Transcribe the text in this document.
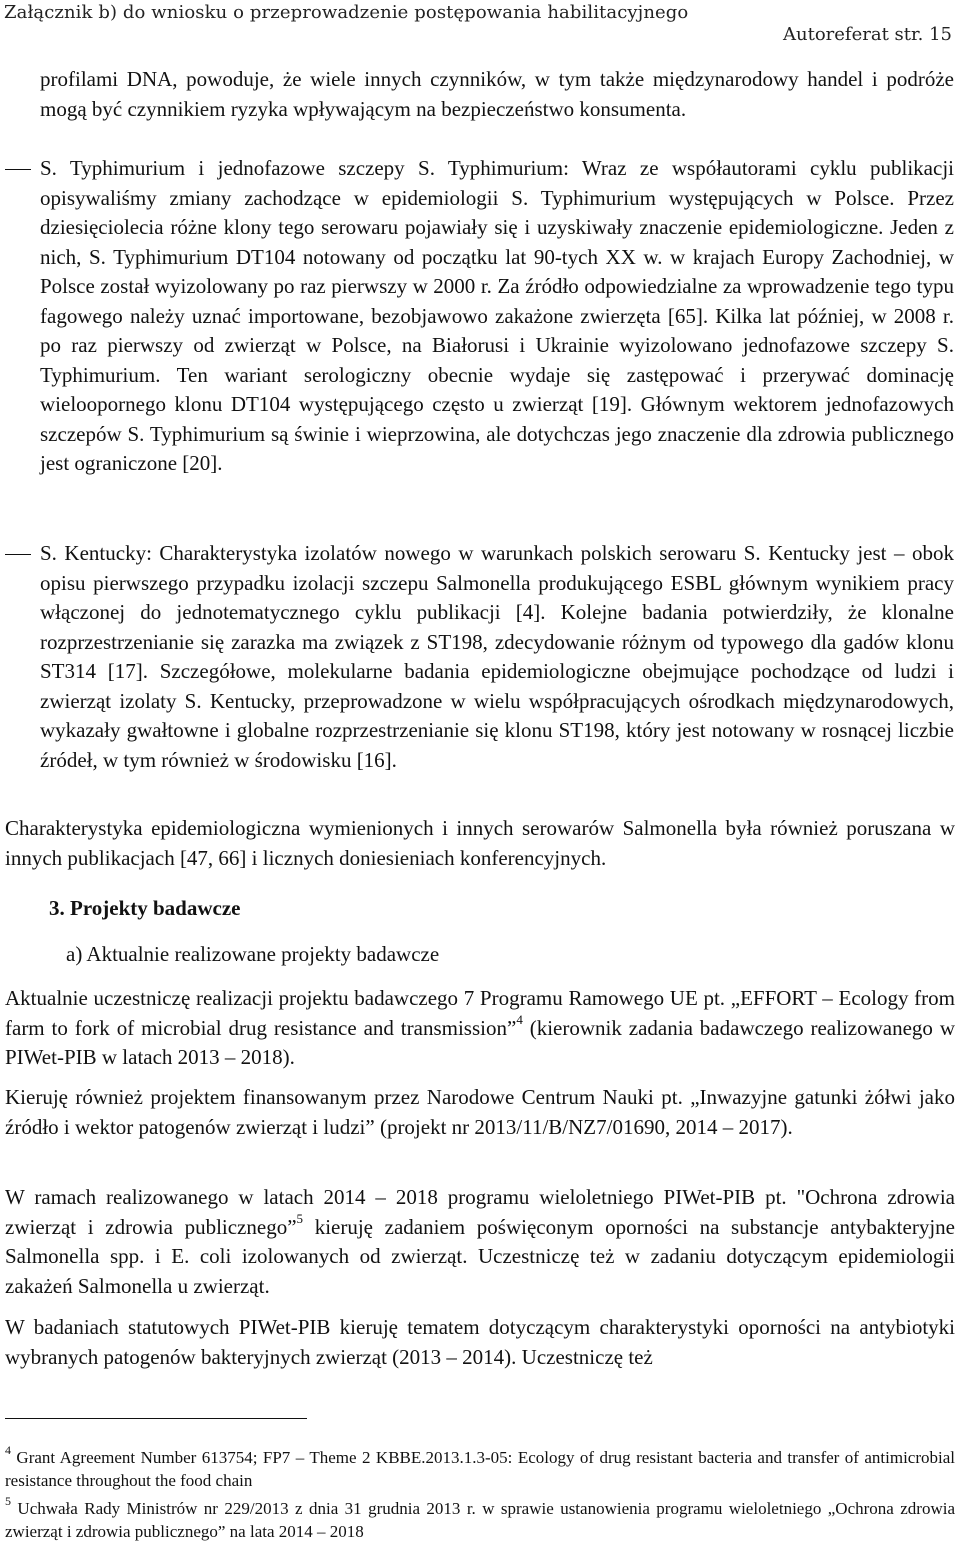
Załącznik b) do wniosku o przeprowadzenie postępowania habilitacyjnego
Autoreferat str. 15

profilami DNA, powoduje, że wiele innych czynników, w tym także międzynarodowy handel i podróże mogą być czynnikiem ryzyka wpływającym na bezpieczeństwo konsumenta.

S. Typhimurium i jednofazowe szczepy S. Typhimurium: Wraz ze współautorami cyklu publikacji opisywaliśmy zmiany zachodzące w epidemiologii S. Typhimurium występujących w Polsce. Przez dziesięciolecia różne klony tego serowaru pojawiały się i uzyskiwały znaczenie epidemiologiczne. Jeden z nich, S. Typhimurium DT104 notowany od początku lat 90-tych XX w. w krajach Europy Zachodniej, w Polsce został wyizolowany po raz pierwszy w 2000 r. Za źródło odpowiedzialne za wprowadzenie tego typu fagowego należy uznać importowane, bezobjawowo zakażone zwierzęta [65]. Kilka lat później, w 2008 r. po raz pierwszy od zwierząt w Polsce, na Białorusi i Ukrainie wyizolowano jednofazowe szczepy S. Typhimurium. Ten wariant serologiczny obecnie wydaje się zastępować i przerywać dominację wieloopornego klonu DT104 występującego często u zwierząt [19]. Głównym wektorem jednofazowych szczepów S. Typhimurium są świnie i wieprzowina, ale dotychczas jego znaczenie dla zdrowia publicznego jest ograniczone [20].

S. Kentucky: Charakterystyka izolatów nowego w warunkach polskich serowaru S. Kentucky jest – obok opisu pierwszego przypadku izolacji szczepu Salmonella produkującego ESBL głównym wynikiem pracy włączonej do jednotematycznego cyklu publikacji [4]. Kolejne badania potwierdziły, że klonalne rozprzestrzenianie się zarazka ma związek z ST198, zdecydowanie różnym od typowego dla gadów klonu ST314 [17]. Szczegółowe, molekularne badania epidemiologiczne obejmujące pochodzące od ludzi i zwierząt izolaty S. Kentucky, przeprowadzone w wielu współpracujących ośrodkach międzynarodowych, wykazały gwałtowne i globalne rozprzestrzenianie się klonu ST198, który jest notowany w rosnącej liczbie źródeł, w tym również w środowisku [16].

Charakterystyka epidemiologiczna wymienionych i innych serowarów Salmonella była również poruszana w innych publikacjach [47, 66] i licznych doniesieniach konferencyjnych.

3. Projekty badawcze
a) Aktualnie realizowane projekty badawcze

Aktualnie uczestniczę realizacji projektu badawczego 7 Programu Ramowego UE pt. „EFFORT – Ecology from farm to fork of microbial drug resistance and transmission”$^4$ (kierownik zadania badawczego realizowanego w PIWet-PIB w latach 2013 – 2018).

Kieruję również projektem finansowanym przez Narodowe Centrum Nauki pt. „Inwazyjne gatunki żółwi jako źródło i wektor patogenów zwierząt i ludzi” (projekt nr 2013/11/B/NZ7/01690, 2014 – 2017).

W ramach realizowanego w latach 2014 – 2018 programu wieloletniego PIWet-PIB pt. "Ochrona zdrowia zwierząt i zdrowia publicznego”$^5$ kieruję zadaniem poświęconym oporności na substancje antybakteryjne Salmonella spp. i E. coli izolowanych od zwierząt. Uczestniczę też w zadaniu dotyczącym epidemiologii zakażeń Salmonella u zwierząt.

W badaniach statutowych PIWet-PIB kieruję tematem dotyczącym charakterystyki oporności na antybiotyki wybranych patogenów bakteryjnych zwierząt (2013 – 2014). Uczestniczę też

$^4$ Grant Agreement Number 613754; FP7 – Theme 2 KBBE.2013.1.3-05: Ecology of drug resistant bacteria and transfer of antimicrobial resistance throughout the food chain

$^5$ Uchwała Rady Ministrów nr 229/2013 z dnia 31 grudnia 2013 r. w sprawie ustanowienia programu wieloletniego „Ochrona zdrowia zwierząt i zdrowia publicznego” na lata 2014 – 2018
